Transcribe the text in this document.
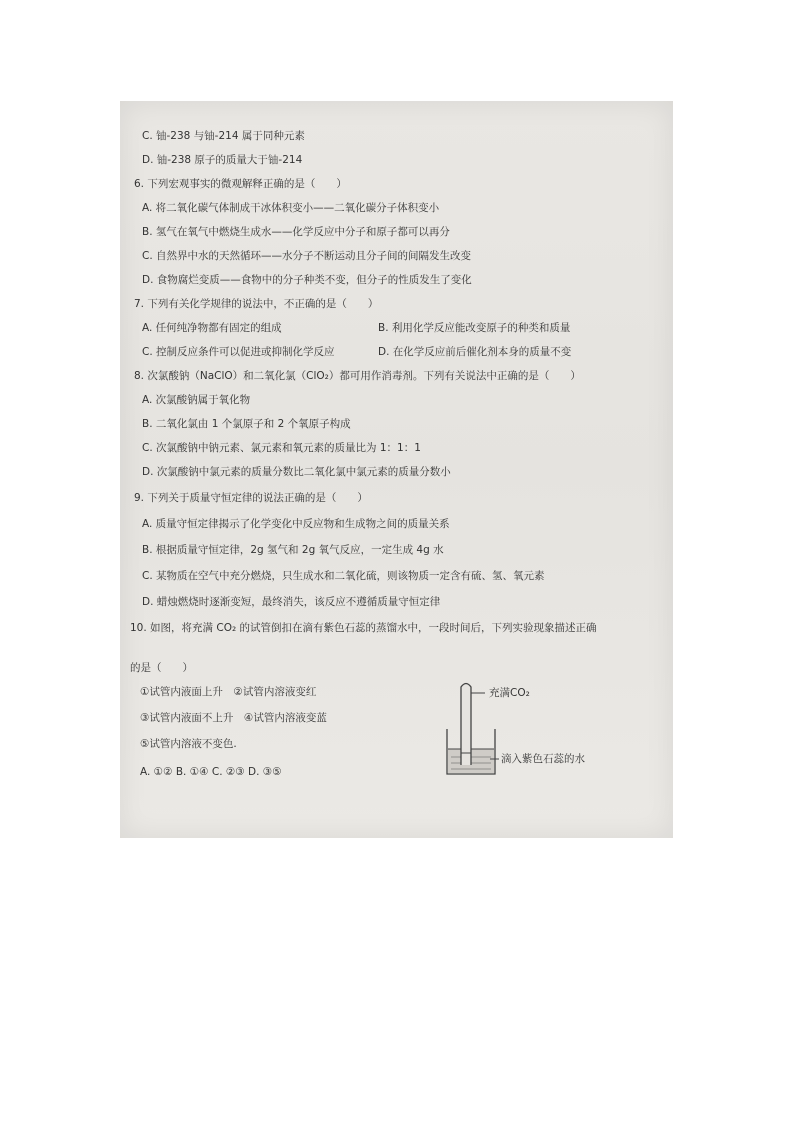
C. 铀-238 与铀-214 属于同种元素
D. 铀-238 原子的质量大于铀-214
6. 下列宏观事实的微观解释正确的是（　　）
A. 将二氧化碳气体制成干冰体积变小——二氧化碳分子体积变小
B. 氢气在氧气中燃烧生成水——化学反应中分子和原子都可以再分
C. 自然界中水的天然循环——水分子不断运动且分子间的间隔发生改变
D. 食物腐烂变质——食物中的分子种类不变，但分子的性质发生了变化
7. 下列有关化学规律的说法中，不正确的是（　　）
A. 任何纯净物都有固定的组成	B. 利用化学反应能改变原子的种类和质量
C. 控制反应条件可以促进或抑制化学反应	D. 在化学反应前后催化剂本身的质量不变
8. 次氯酸钠（NaClO）和二氧化氯（ClO₂）都可用作消毒剂。下列有关说法中正确的是（　　）
A. 次氯酸钠属于氧化物
B. 二氧化氯由 1 个氯原子和 2 个氧原子构成
C. 次氯酸钠中钠元素、氯元素和氧元素的质量比为 1：1：1
D. 次氯酸钠中氯元素的质量分数比二氧化氯中氯元素的质量分数小
9. 下列关于质量守恒定律的说法正确的是（　　）
A. 质量守恒定律揭示了化学变化中反应物和生成物之间的质量关系
B. 根据质量守恒定律，2g 氢气和 2g 氧气反应，一定生成 4g 水
C. 某物质在空气中充分燃烧，只生成水和二氧化硫，则该物质一定含有硫、氢、氧元素
D. 蜡烛燃烧时逐渐变短，最终消失，该反应不遵循质量守恒定律
10. 如图，将充满 CO₂ 的试管倒扣在滴有紫色石蕊的蒸馏水中，一段时间后，下列实验现象描述正确
的是（　　）
①试管内液面上升　②试管内溶液变红
③试管内液面不上升　④试管内溶液变蓝
⑤试管内溶液不变色.
A. ①② B. ①④ C. ②③ D. ③⑤
充满CO₂
滴入紫色石蕊的水
